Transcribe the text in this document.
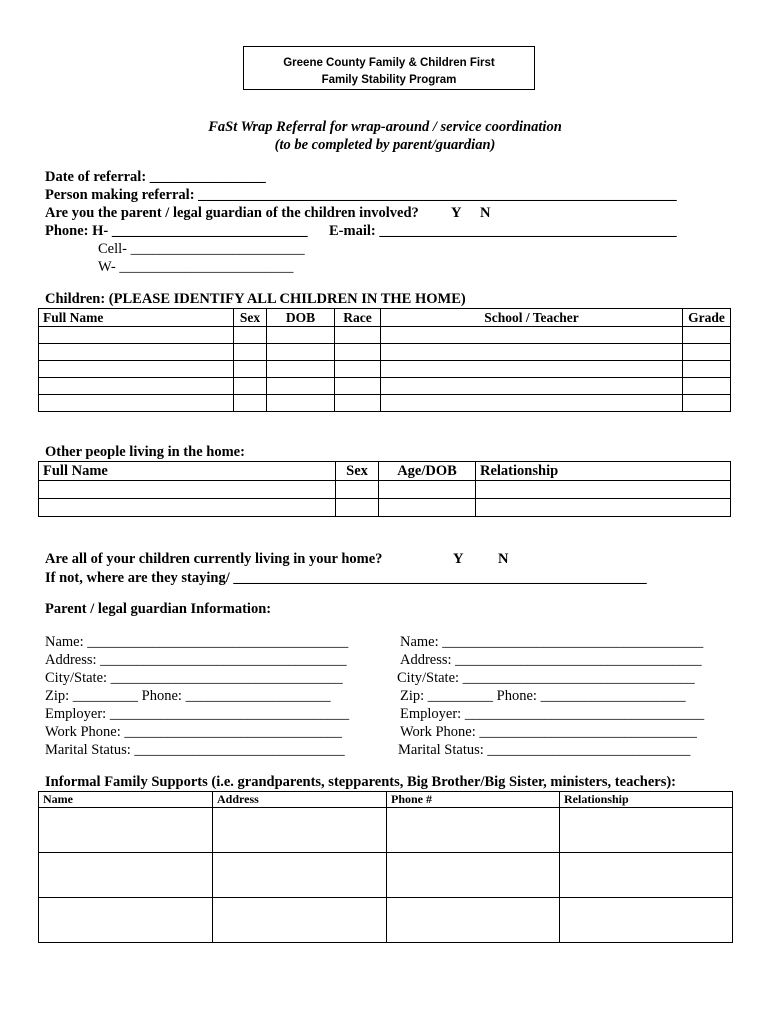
Greene County Family & Children First
Family Stability Program
FaSt Wrap Referral for wrap-around / service coordination
(to be completed by parent/guardian)
Date of referral: ________________
Person making referral: __________________________________________________________________
Are you the parent / legal guardian of the children involved? Y N
Phone: H- ___________________________ E-mail: _________________________________________
Cell- ________________________
W- ________________________
Children: (PLEASE IDENTIFY ALL CHILDREN IN THE HOME)
Full Name	Sex	DOB	Race	School / Teacher	Grade

Other people living in the home:
Full Name	Sex	Age/DOB	Relationship

Are all of your children currently living in your home?	Y N
If not, where are they staying/ _________________________________________________________
Parent / legal guardian Information:
Name: ____________________________________
Address: __________________________________
City/State: ________________________________
Zip: _________ Phone: ____________________
Employer: _________________________________
Work Phone: ______________________________
Marital Status: _____________________________
Name: ____________________________________
Address: __________________________________
City/State: ________________________________
Zip: _________ Phone: ____________________
Employer: _________________________________
Work Phone: ______________________________
Marital Status: ____________________________
Informal Family Supports (i.e. grandparents, stepparents, Big Brother/Big Sister, ministers, teachers):
Name	Address	Phone #	Relationship
